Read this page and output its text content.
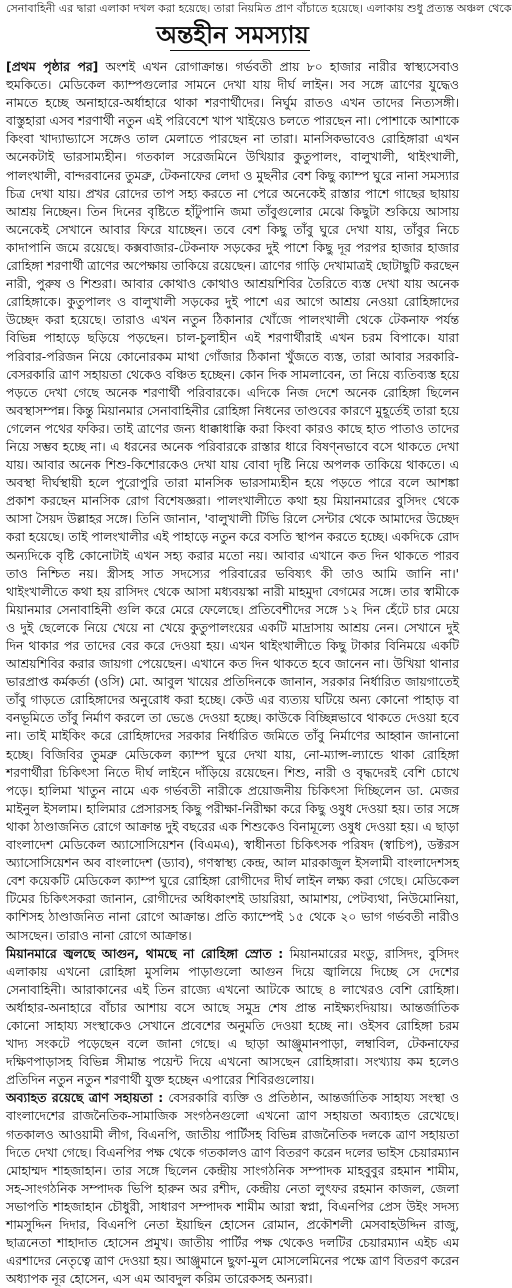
সেনাবাহিনী এর দ্বারা এলাকা দখল করা হয়েছে। তারা নিয়মিত প্রাণ বাঁচাতে হয়েছে। এলাকায় শুধু প্রত্যন্ত অঞ্চল থেকে
অন্তহীন সমস্যায়

[প্রথম পৃষ্ঠার পর] অংশই এখন রোগাক্রান্ত। গর্ভবতী প্রায় ৮০ হাজার নারীর স্বাস্থ্যসেবাও হুমকিতে। মেডিকেল ক্যাম্পগুলোর সামনে দেখা যায় দীর্ঘ লাইন। সব সঙ্গে ত্রাণের যুদ্ধেও নামতে হচ্ছে অনাহারে-অর্ধাহারে থাকা শরণার্থীদের। নির্ঘুম রাতও এখন তাদের নিত্যসঙ্গী। বাস্তুহারা এসব শরণার্থী নতুন এই পরিবেশে খাপ খাইয়েও চলতে পারছেন না। পোশাকে আশাকে কিংবা খাদ্যাভ্যাসে সঙ্গেও তাল মেলাতে পারছেন না তারা। মানসিকভাবেও রোহিঙ্গারা এখন অনেকটাই ভারসাম্যহীন। গতকাল সরেজমিনে উখিয়ার কুতুপালং, বালুখালী, থাইংখালী, পালংখালী, বান্দরবানের তুমব্রু, টেকনাফের লেদা ও মুছনীর বেশ কিছু ক্যাম্প ঘুরে নানা সমস্যার চিত্র দেখা যায়। প্রখর রোদের তাপ সহ্য করতে না পেরে অনেকেই রাস্তার পাশে গাছের ছায়ায় আশ্রয় নিচ্ছেন। তিন দিনের বৃষ্টিতে হাঁটুপানি জমা তাঁবুগুলোর মেঝে কিছুটা শুকিয়ে আসায় অনেকেই সেখানে আবার ফিরে যাচ্ছেন। তবে বেশ কিছু তাঁবু ঘুরে দেখা যায়, তাঁবুর নিচে কাদাপানি জমে রয়েছে। কক্সবাজার-টেকনাফ সড়কের দুই পাশে কিছু দূর পরপর হাজার হাজার রোহিঙ্গা শরণার্থী ত্রাণের অপেক্ষায় তাকিয়ে রয়েছেন। ত্রাণের গাড়ি দেখামাত্রই ছোটাছুটি করছেন নারী, পুরুষ ও শিশুরা। আবার কোথাও কোথাও আশ্রয়শিবির তৈরিতে ব্যস্ত দেখা যায় অনেক রোহিঙ্গাকে। কুতুপালং ও বালুখালী সড়কের দুই পাশে এর আগে আশ্রয় নেওয়া রোহিঙ্গাদের উচ্ছেদ করা হয়েছে। তারাও এখন নতুন ঠিকানার খোঁজে পালংখালী থেকে টেকনাফ পর্যন্ত বিভিন্ন পাহাড়ে ছড়িয়ে পড়ছেন। চাল-চুলাহীন এই শরণার্থীরাই এখন চরম বিপাকে। যারা পরিবার-পরিজন নিয়ে কোনোরকম মাথা গোঁজার ঠিকানা খুঁজতে ব্যস্ত, তারা আবার সরকারি-বেসরকারি ত্রাণ সহায়তা থেকেও বঞ্চিত হচ্ছেন। কোন দিক সামলাবেন, তা নিয়ে ব্যতিব্যস্ত হয়ে পড়তে দেখা গেছে অনেক শরণার্থী পরিবারকে। এদিকে নিজ দেশে অনেক রোহিঙ্গা ছিলেন অবস্থাসম্পন্ন। কিন্তু মিয়ানমার সেনাবাহিনীর রোহিঙ্গা নিধনের তাণ্ডবের কারণে মুহূর্তেই তারা হয়ে গেলেন পথের ফকির। তাই ত্রাণের জন্য ধাক্কাধাক্কি করা কিংবা কারও কাছে হাত পাতাও তাদের নিয়ে সম্ভব হচ্ছে না। এ ধরনের অনেক পরিবারকে রাস্তার ধারে বিষণ্নভাবে বসে থাকতে দেখা যায়। আবার অনেক শিশু-কিশোরকেও দেখা যায় বোবা দৃষ্টি নিয়ে অপলক তাকিয়ে থাকতে। এ অবস্থা দীর্ঘস্থায়ী হলে পুরোপুরি তারা মানসিক ভারসাম্যহীন হয়ে পড়তে পারে বলে আশঙ্কা প্রকাশ করছেন মানসিক রোগ বিশেষজ্ঞরা। পালংখালীতে কথা হয় মিয়ানমারের বুসিদং থেকে আসা সৈয়দ উল্লাহর সঙ্গে। তিনি জানান, 'বালুখালী টিভি রিলে সেন্টার থেকে আমাদের উচ্ছেদ করা হয়েছে। তাই পালংখালীর এই পাহাড়ে নতুন করে বসতি স্থাপন করতে হচ্ছে। একদিকে রোদ অন্যদিকে বৃষ্টি কোনোটাই এখন সহ্য করার মতো নয়। আবার এখানে কত দিন থাকতে পারব তাও নিশ্চিত নয়। স্ত্রীসহ সাত সদস্যের পরিবারের ভবিষ্যৎ কী তাও আমি জানি না।' থাইংখালীতে কথা হয় রাসিদং থেকে আসা মধ্যবয়স্কা নারী মাহমুদা বেগমের সঙ্গে। তার স্বামীকে মিয়ানমার সেনাবাহিনী গুলি করে মেরে ফেলেছে। প্রতিবেশীদের সঙ্গে ১২ দিন হেঁটে চার মেয়ে ও দুই ছেলেকে নিয়ে খেয়ে না খেয়ে কুতুপালংয়ের একটি মাদ্রাসায় আশ্রয় নেন। সেখানে দুই দিন থাকার পর তাদের বের করে দেওয়া হয়। এখন থাইংখালীতে কিছু টাকার বিনিময়ে একটি আশ্রয়শিবির করার জায়গা পেয়েছেন। এখানে কত দিন থাকতে হবে জানেন না। উখিয়া থানার ভারপ্রাপ্ত কর্মকর্তা (ওসি) মো. আবুল খায়ের প্রতিদিনকে জানান, সরকার নির্ধারিত জায়গাতেই তাঁবু গাড়তে রোহিঙ্গাদের অনুরোধ করা হচ্ছে। কেউ এর ব্যত্যয় ঘটিয়ে অন্য কোনো পাহাড় বা বনভূমিতে তাঁবু নির্মাণ করলে তা ভেঙে দেওয়া হচ্ছে। কাউকে বিচ্ছিন্নভাবে থাকতে দেওয়া হবে না। তাই মাইকিং করে রোহিঙ্গাদের সরকার নির্ধারিত জমিতে তাঁবু নির্মাণের আহ্বান জানানো হচ্ছে। বিজিবির তুমব্রু মেডিকেল ক্যাম্প ঘুরে দেখা যায়, নো-ম্যান্স-ল্যান্ডে থাকা রোহিঙ্গা শরণার্থীরা চিকিৎসা নিতে দীর্ঘ লাইনে দাঁড়িয়ে রয়েছেন। শিশু, নারী ও বৃদ্ধদেরই বেশি চোখে পড়ে। হালিমা খাতুন নামে এক গর্ভবতী নারীকে প্রয়োজনীয় চিকিৎসা দিচ্ছিলেন ডা. মেজর মাইনুল ইসলাম। হালিমার প্রেসারসহ কিছু পরীক্ষা-নিরীক্ষা করে কিছু ওষুধ দেওয়া হয়। তার সঙ্গে থাকা ঠাণ্ডাজনিত রোগে আক্রান্ত দুই বছরের এক শিশুকেও বিনামূল্যে ওষুধ দেওয়া হয়। এ ছাড়া বাংলাদেশ মেডিকেল অ্যাসোসিয়েশন (বিএমএ), স্বাধীনতা চিকিৎসক পরিষদ (স্বাচিপ), ডক্টরস অ্যাসোসিয়েশন অব বাংলাদেশ (ড্যাব), গণস্বাস্থ্য কেন্দ্র, আল মারকাজুল ইসলামী বাংলাদেশসহ বেশ কয়েকটি মেডিকেল ক্যাম্প ঘুরে রোহিঙ্গা রোগীদের দীর্ঘ লাইন লক্ষ্য করা গেছে। মেডিকেল টিমের চিকিৎসকরা জানান, রোগীদের অধিকাংশই ডায়রিয়া, আমাশয়, পেটব্যথা, নিউমোনিয়া, কাশিসহ ঠাণ্ডাজনিত নানা রোগে আক্রান্ত। প্রতি ক্যাম্পেই ১৫ থেকে ২০ ভাগ গর্ভবতী নারীও আসছেন। তারাও নানা রোগে আক্রান্ত।

মিয়ানমারে জ্বলছে আগুন, থামছে না রোহিঙ্গা স্রোত : মিয়ানমারের মংডু, রাসিদং, বুসিদং এলাকায় এখনো রোহিঙ্গা মুসলিম পাড়াগুলো আগুন দিয়ে জ্বালিয়ে দিচ্ছে সে দেশের সেনাবাহিনী। আরাকানের এই তিন রাজ্যে এখনো আটকে আছে ৪ লাখেরও বেশি রোহিঙ্গা। অর্ধাহার-অনাহারে বাঁচার আশায় বসে আছে সমুদ্র শেষ প্রান্ত নাইক্ষ্যংদিয়ায়। আন্তর্জাতিক কোনো সাহায্য সংস্থাকেও সেখানে প্রবেশের অনুমতি দেওয়া হচ্ছে না। ওইসব রোহিঙ্গা চরম খাদ্য সংকটে পড়েছেন বলে জানা গেছে। এ ছাড়া আঞ্জুমানপাড়া, লম্বাবিল, টেকনাফের দক্ষিণপাড়াসহ বিভিন্ন সীমান্ত পয়েন্ট দিয়ে এখনো আসছেন রোহিঙ্গারা। সংখ্যায় কম হলেও প্রতিদিন নতুন নতুন শরণার্থী যুক্ত হচ্ছেন এপারের শিবিরগুলোয়।

অব্যাহত রয়েছে ত্রাণ সহায়তা : বেসরকারি ব্যক্তি ও প্রতিষ্ঠান, আন্তর্জাতিক সাহায্য সংস্থা ও বাংলাদেশের রাজনৈতিক-সামাজিক সংগঠনগুলো এখনো ত্রাণ সহায়তা অব্যাহত রেখেছে। গতকালও আওয়ামী লীগ, বিএনপি, জাতীয় পার্টিসহ বিভিন্ন রাজনৈতিক দলকে ত্রাণ সহায়তা দিতে দেখা গেছে। বিএনপির পক্ষ থেকে গতকালও ত্রাণ বিতরণ করেন দলের ভাইস চেয়ারম্যান মোহাম্মদ শাহজাহান। তার সঙ্গে ছিলেন কেন্দ্রীয় সাংগঠনিক সম্পাদক মাহবুবুর রহমান শামীম, সহ-সাংগঠনিক সম্পাদক ভিপি হারুন অর রশীদ, কেন্দ্রীয় নেতা লুৎফর রহমান কাজল, জেলা সভাপতি শাহজাহান চৌধুরী, সাধারণ সম্পাদক শামীম আরা স্বপ্না, বিএনপির প্রেস উইং সদস্য শামসুদ্দিন দিদার, বিএনপি নেতা ইয়াছিন হোসেন রোমান, প্রকৌশলী মেসবাহউদ্দিন রাজু, ছাত্রনেতা শাহাদাত হোসেন প্রমুখ। জাতীয় পার্টির পক্ষ থেকেও দলটির চেয়ারম্যান এইচ এম এরশাদের নেতৃত্বে ত্রাণ দেওয়া হয়। আঞ্জুমানে ছুফা-মুল মোসলেমিনের পক্ষে ত্রাণ বিতরণ করেন অধ্যাপক নূর হোসেন, এস এম আবদুল করিম তারেকসহ অন্যরা।
